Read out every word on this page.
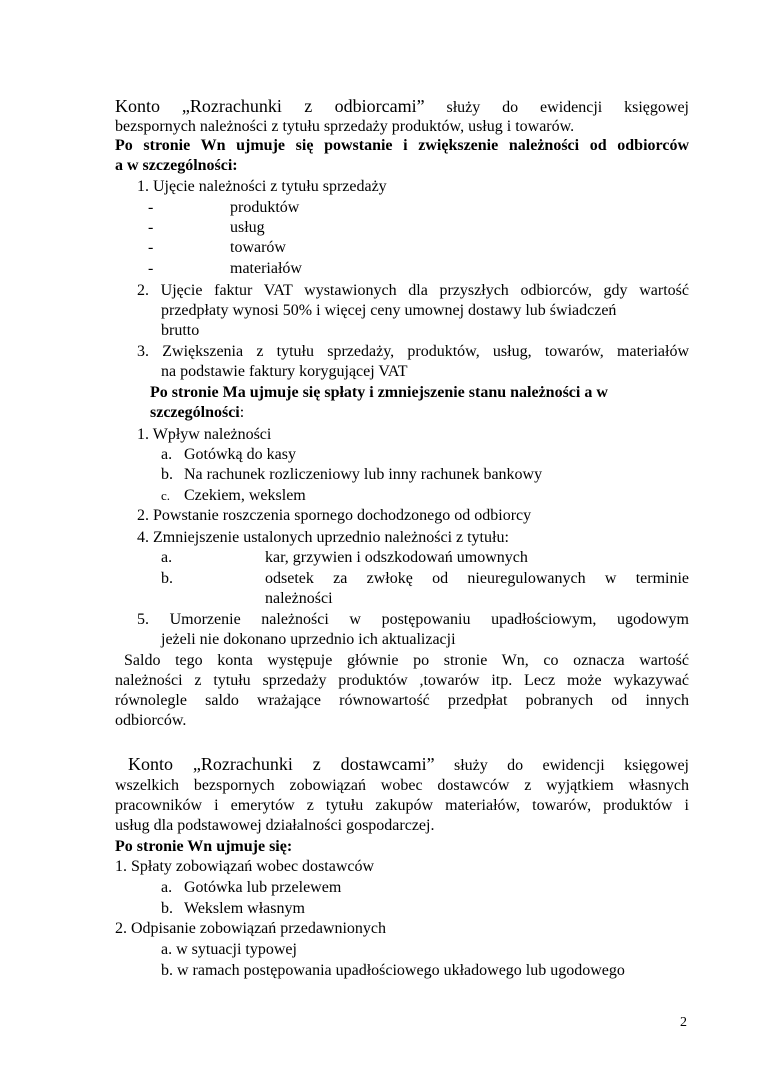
Konto „Rozrachunki z odbiorcami” służy do ewidencji księgowej
bezspornych należności z tytułu sprzedaży produktów, usług i towarów.
Po stronie Wn ujmuje się powstanie i zwiększenie należności od odbiorców
a w szczególności:
1. Ujęcie należności z tytułu sprzedaży
-	produktów
-	usług
-	towarów
-	materiałów
2. Ujęcie faktur VAT wystawionych dla przyszłych odbiorców, gdy wartość
przedpłaty wynosi 50% i więcej ceny umownej dostawy lub świadczeń
brutto
3. Zwiększenia z tytułu sprzedaży, produktów, usług, towarów, materiałów
na podstawie faktury korygującej VAT
Po stronie Ma ujmuje się spłaty i zmniejszenie stanu należności a w
szczególności:
1. Wpływ należności
a. Gotówką do kasy
b. Na rachunek rozliczeniowy lub inny rachunek bankowy
c. Czekiem, wekslem
2. Powstanie roszczenia spornego dochodzonego od odbiorcy
4. Zmniejszenie ustalonych uprzednio należności z tytułu:
a.	kar, grzywien i odszkodowań umownych
b.	odsetek za zwłokę od nieuregulowanych w terminie
należności
5. Umorzenie należności w postępowaniu upadłościowym, ugodowym
jeżeli nie dokonano uprzednio ich aktualizacji
Saldo tego konta występuje głównie po stronie Wn, co oznacza wartość
należności z tytułu sprzedaży produktów ,towarów itp. Lecz może wykazywać
równolegle saldo wrażające równowartość przedpłat pobranych od innych
odbiorców.
Konto „Rozrachunki z dostawcami” służy do ewidencji księgowej
wszelkich bezspornych zobowiązań wobec dostawców z wyjątkiem własnych
pracowników i emerytów z tytułu zakupów materiałów, towarów, produktów i
usług dla podstawowej działalności gospodarczej.
Po stronie Wn ujmuje się:
1. Spłaty zobowiązań wobec dostawców
a. Gotówka lub przelewem
b. Wekslem własnym
2. Odpisanie zobowiązań przedawnionych
a. w sytuacji typowej
b. w ramach postępowania upadłościowego układowego lub ugodowego
2
